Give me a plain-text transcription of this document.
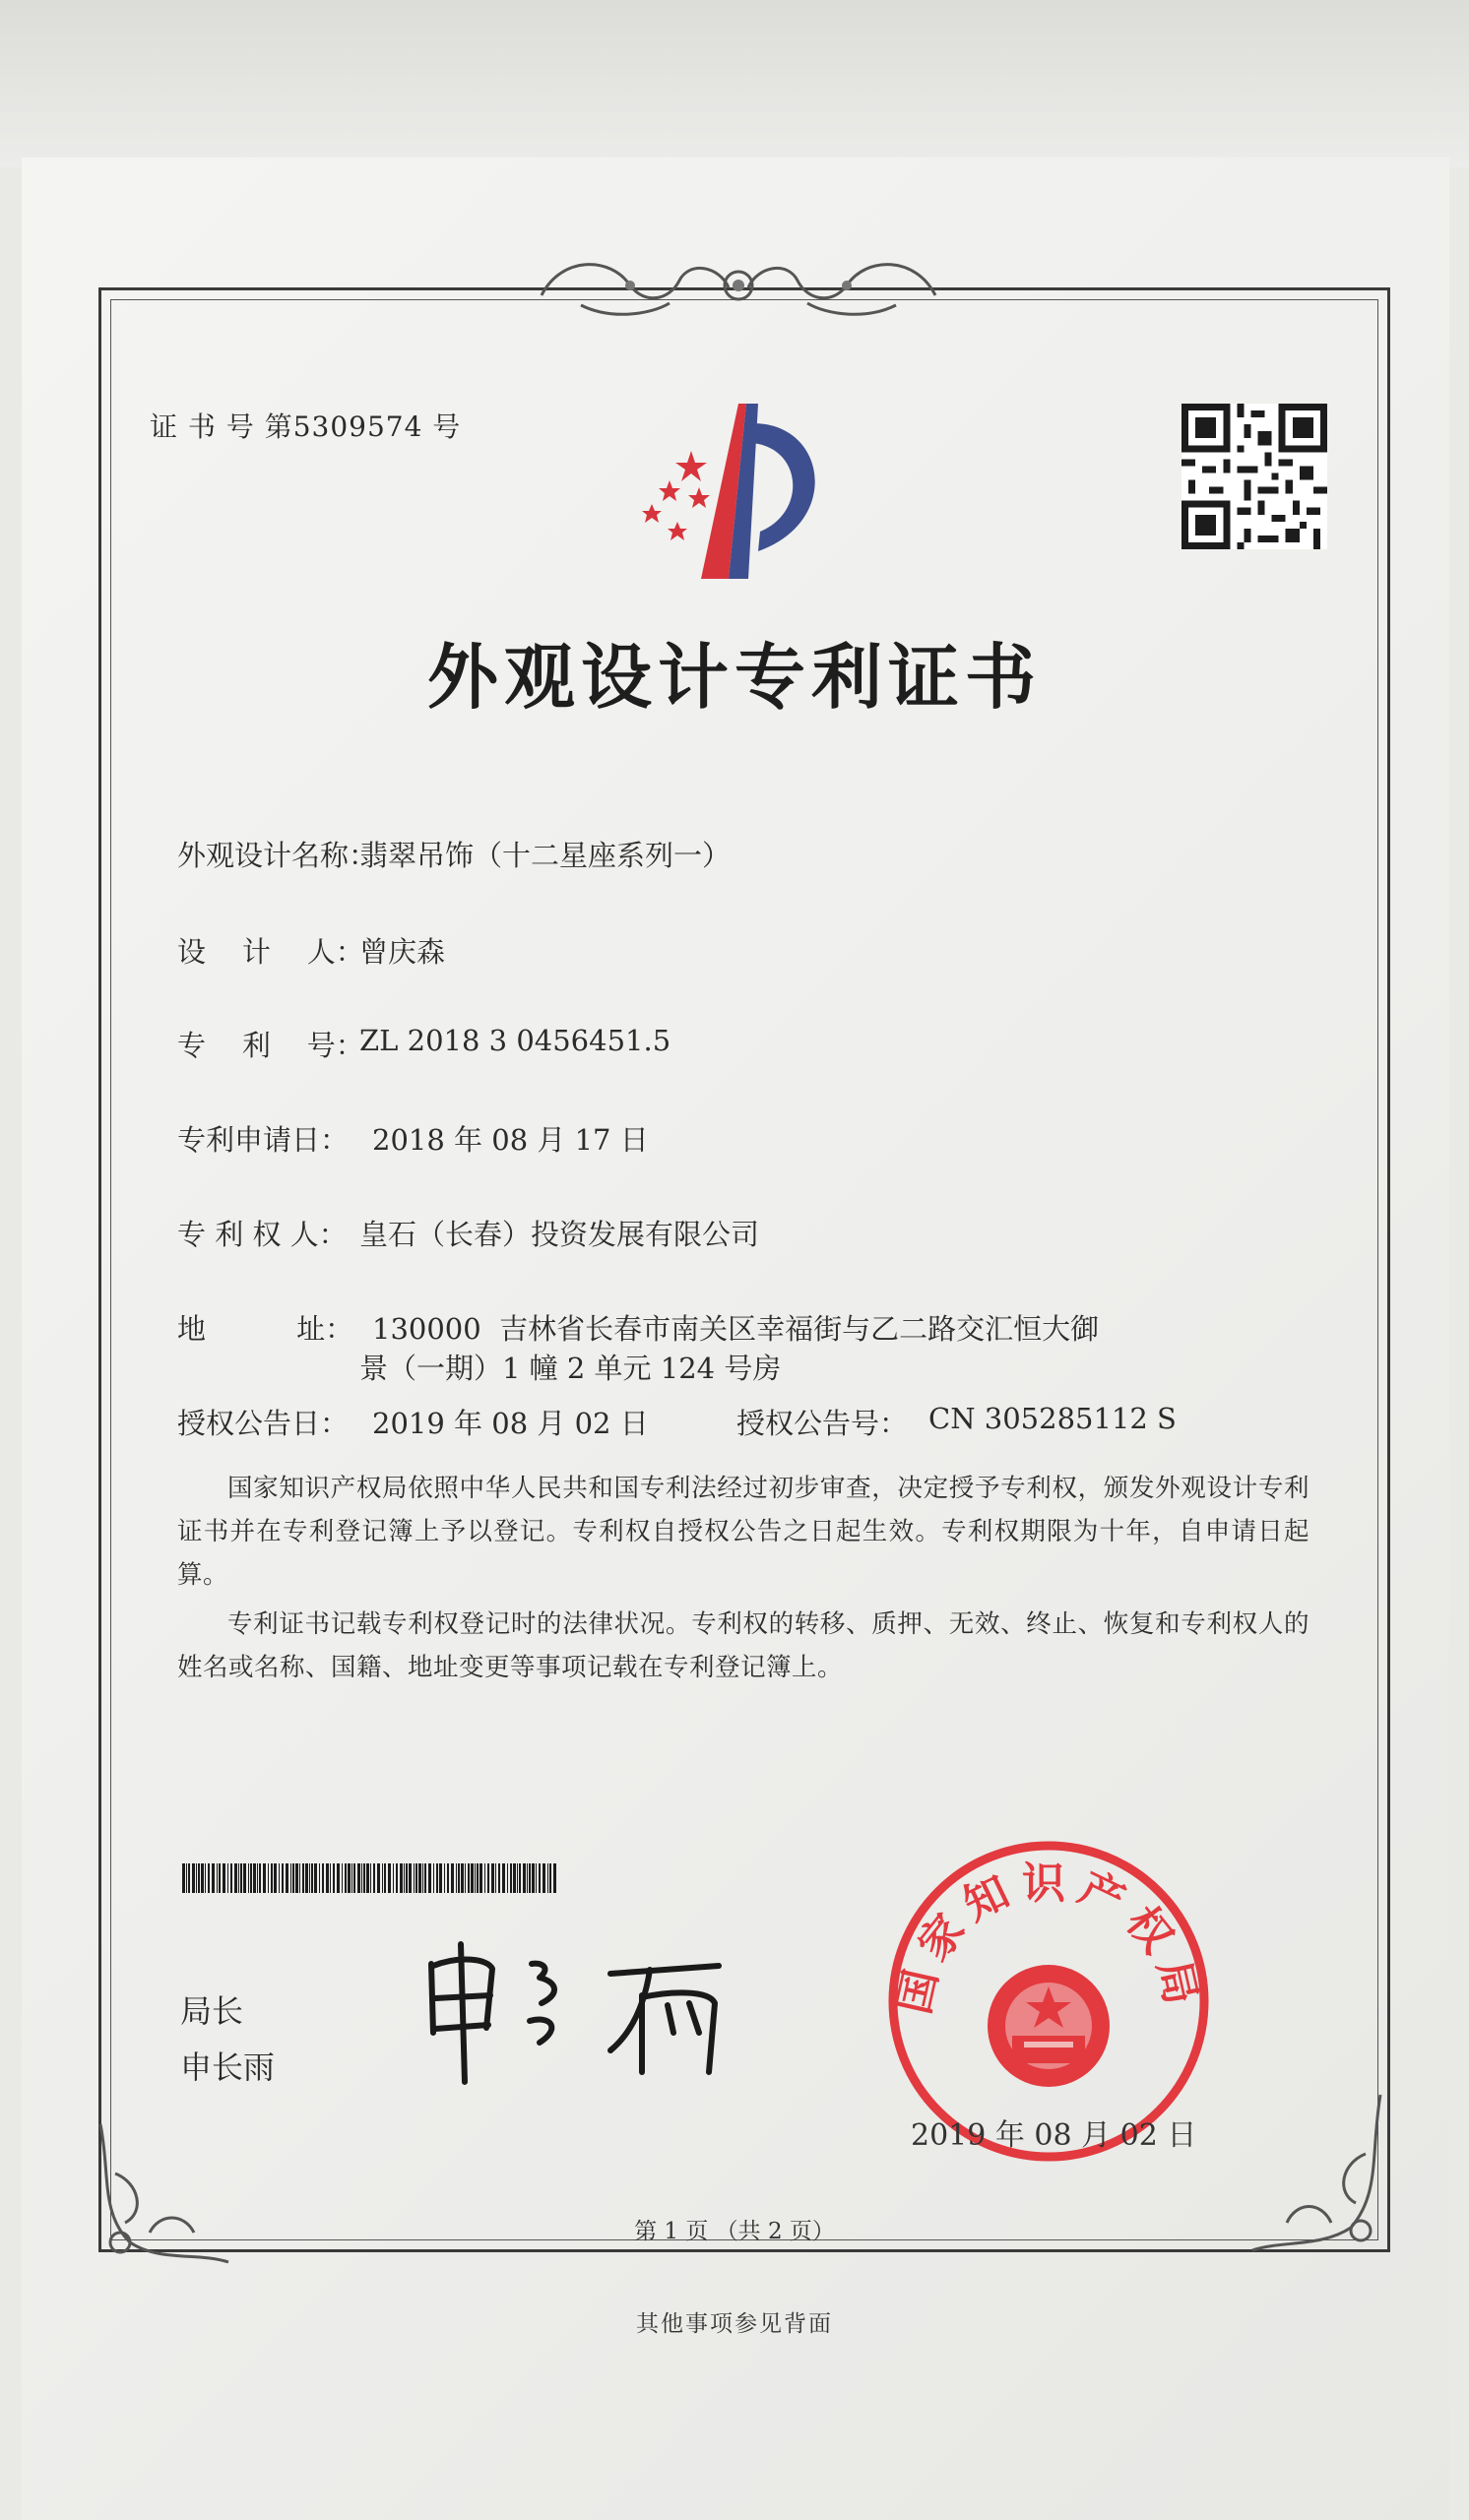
证 书 号 第5309574 号
外观设计专利证书
外观设计名称：
翡翠吊饰（十二星座系列一）
设    计    人：
曾庆森
专    利    号：
ZL 2018 3 0456451.5
专利申请日： 2018 年 08 月 17 日
专 利 权 人： 皇石（长春）投资发展有限公司
地          址： 130000  吉林省长春市南关区幸福街与乙二路交汇恒大御
景（一期）1 幢 2 单元 124 号房
授权公告日： 2019 年 08 月 02 日	授权公告号： CN 305285112 S
国家知识产权局依照中华人民共和国专利法经过初步审查，决定授予专利权，颁发外观设计专利证书并在专利登记簿上予以登记。专利权自授权公告之日起生效。专利权期限为十年，自申请日起算。
专利证书记载专利权登记时的法律状况。专利权的转移、质押、无效、终止、恢复和专利权人的姓名或名称、国籍、地址变更等事项记载在专利登记簿上。
局长
申长雨
国家知识产权局
2019 年 08 月 02 日
第 1 页 （共 2 页）
其他事项参见背面
